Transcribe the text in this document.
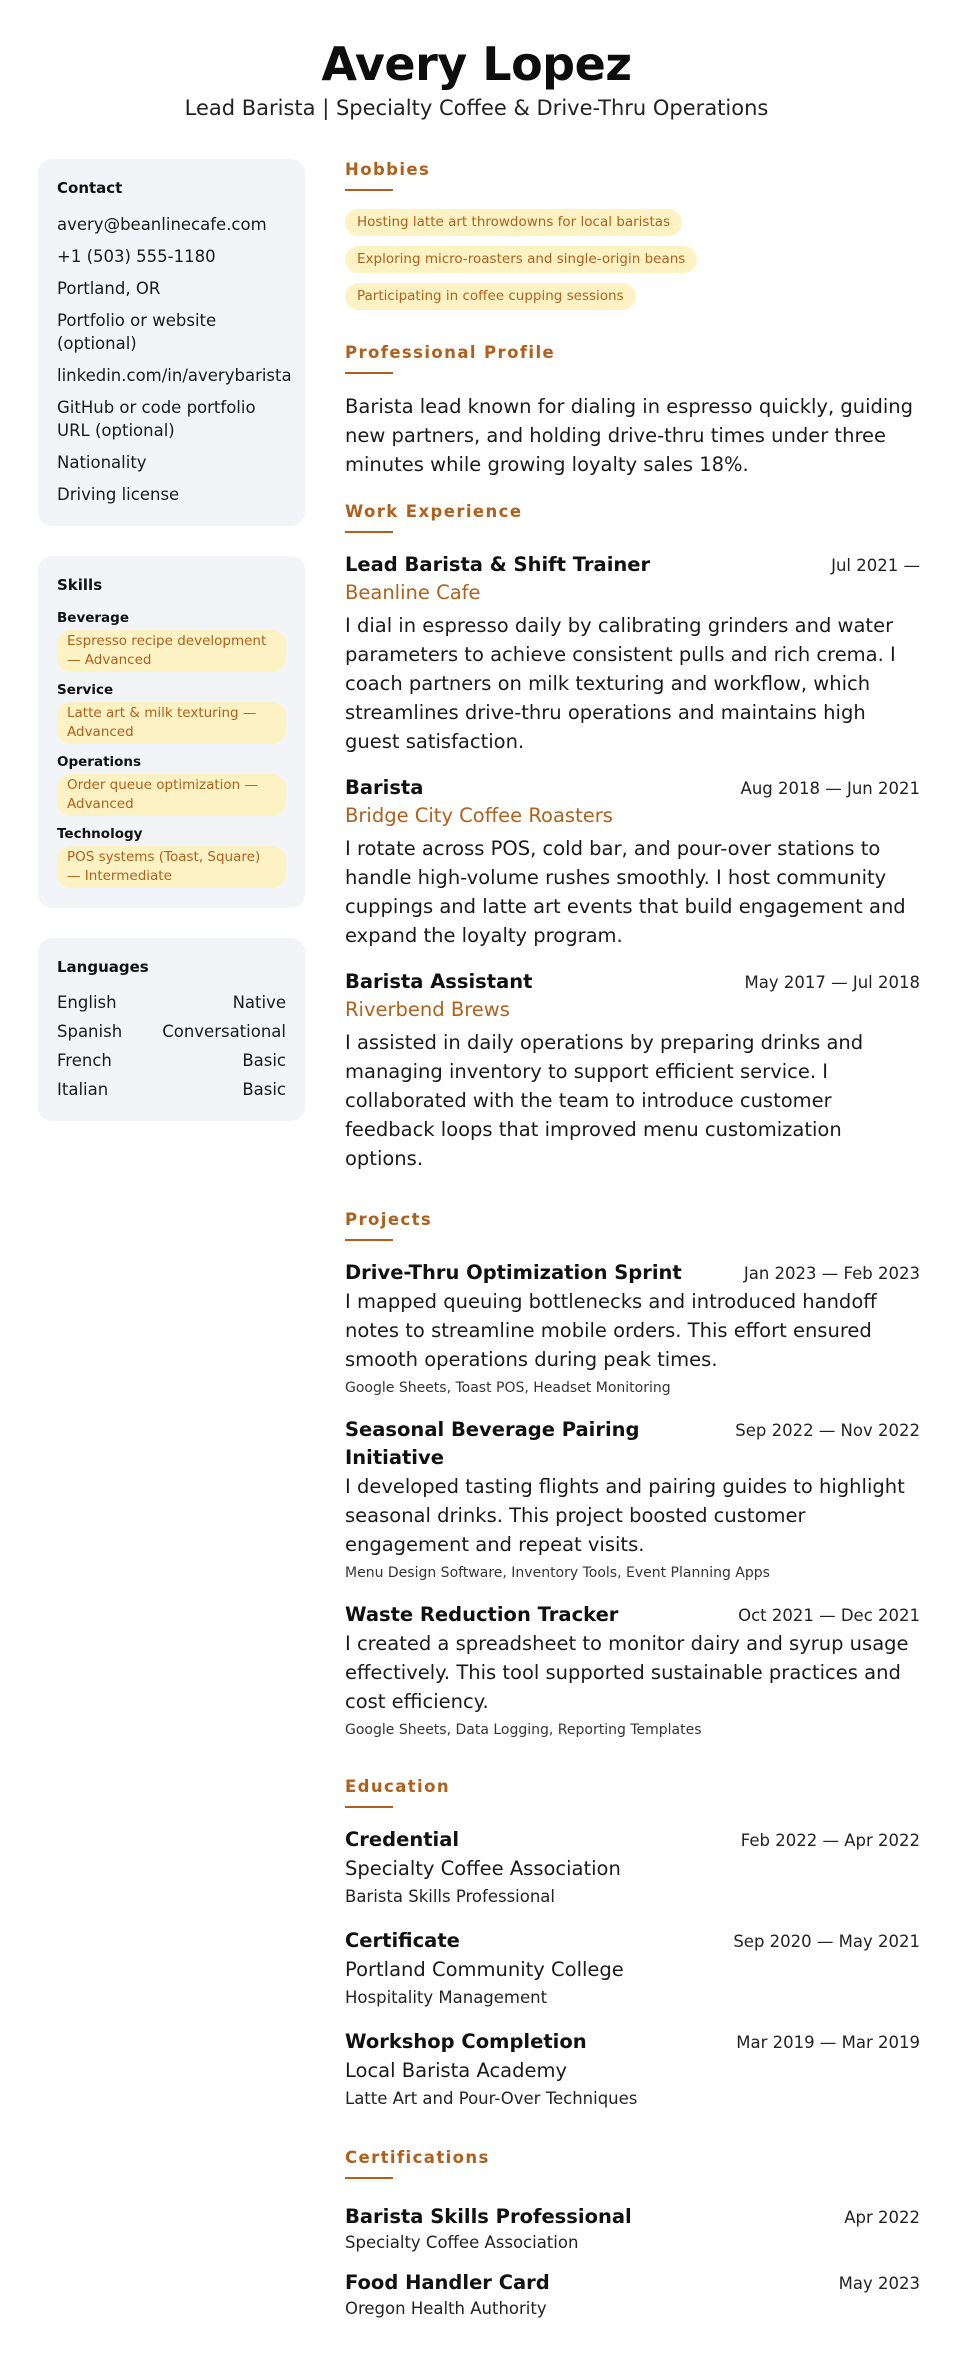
Avery Lopez
Lead Barista | Specialty Coffee & Drive-Thru Operations
Contact
avery@beanlinecafe.com
+1 (503) 555-1180
Portland, OR
Portfolio or website (optional)
linkedin.com/in/averybarista
GitHub or code portfolio URL (optional)
Nationality
Driving license
Skills
Beverage
Espresso recipe development — Advanced
Service
Latte art & milk texturing — Advanced
Operations
Order queue optimization — Advanced
Technology
POS systems (Toast, Square) — Intermediate
Languages
English	Native
Spanish Conversational
French	Basic
Italian	Basic
Hobbies
Hosting latte art throwdowns for local baristas
Exploring micro-roasters and single-origin beans
Participating in coffee cupping sessions
Professional Profile
Barista lead known for dialing in espresso quickly, guiding new partners, and holding drive-thru times under three minutes while growing loyalty sales 18%.
Work Experience
Lead Barista & Shift Trainer	Jul 2021 —
Beanline Cafe
I dial in espresso daily by calibrating grinders and water parameters to achieve consistent pulls and rich crema. I coach partners on milk texturing and workflow, which streamlines drive-thru operations and maintains high guest satisfaction.
Barista	Aug 2018 — Jun 2021
Bridge City Coffee Roasters
I rotate across POS, cold bar, and pour-over stations to handle high-volume rushes smoothly. I host community cuppings and latte art events that build engagement and expand the loyalty program.
Barista Assistant	May 2017 — Jul 2018
Riverbend Brews
I assisted in daily operations by preparing drinks and managing inventory to support efficient service. I collaborated with the team to introduce customer feedback loops that improved menu customization options.
Projects
Drive-Thru Optimization Sprint	Jan 2023 — Feb 2023
I mapped queuing bottlenecks and introduced handoff notes to streamline mobile orders. This effort ensured smooth operations during peak times.
Google Sheets, Toast POS, Headset Monitoring
Seasonal Beverage Pairing Initiative
Sep 2022 — Nov 2022
I developed tasting flights and pairing guides to highlight seasonal drinks. This project boosted customer engagement and repeat visits.
Menu Design Software, Inventory Tools, Event Planning Apps
Waste Reduction Tracker	Oct 2021 — Dec 2021
I created a spreadsheet to monitor dairy and syrup usage effectively. This tool supported sustainable practices and cost efficiency.
Google Sheets, Data Logging, Reporting Templates
Education
Credential	Feb 2022 — Apr 2022
Specialty Coffee Association
Barista Skills Professional
Certificate	Sep 2020 — May 2021
Portland Community College
Hospitality Management
Workshop Completion	Mar 2019 — Mar 2019
Local Barista Academy
Latte Art and Pour-Over Techniques
Certifications
Barista Skills Professional	Apr 2022
Specialty Coffee Association
Food Handler Card	May 2023
Oregon Health Authority
